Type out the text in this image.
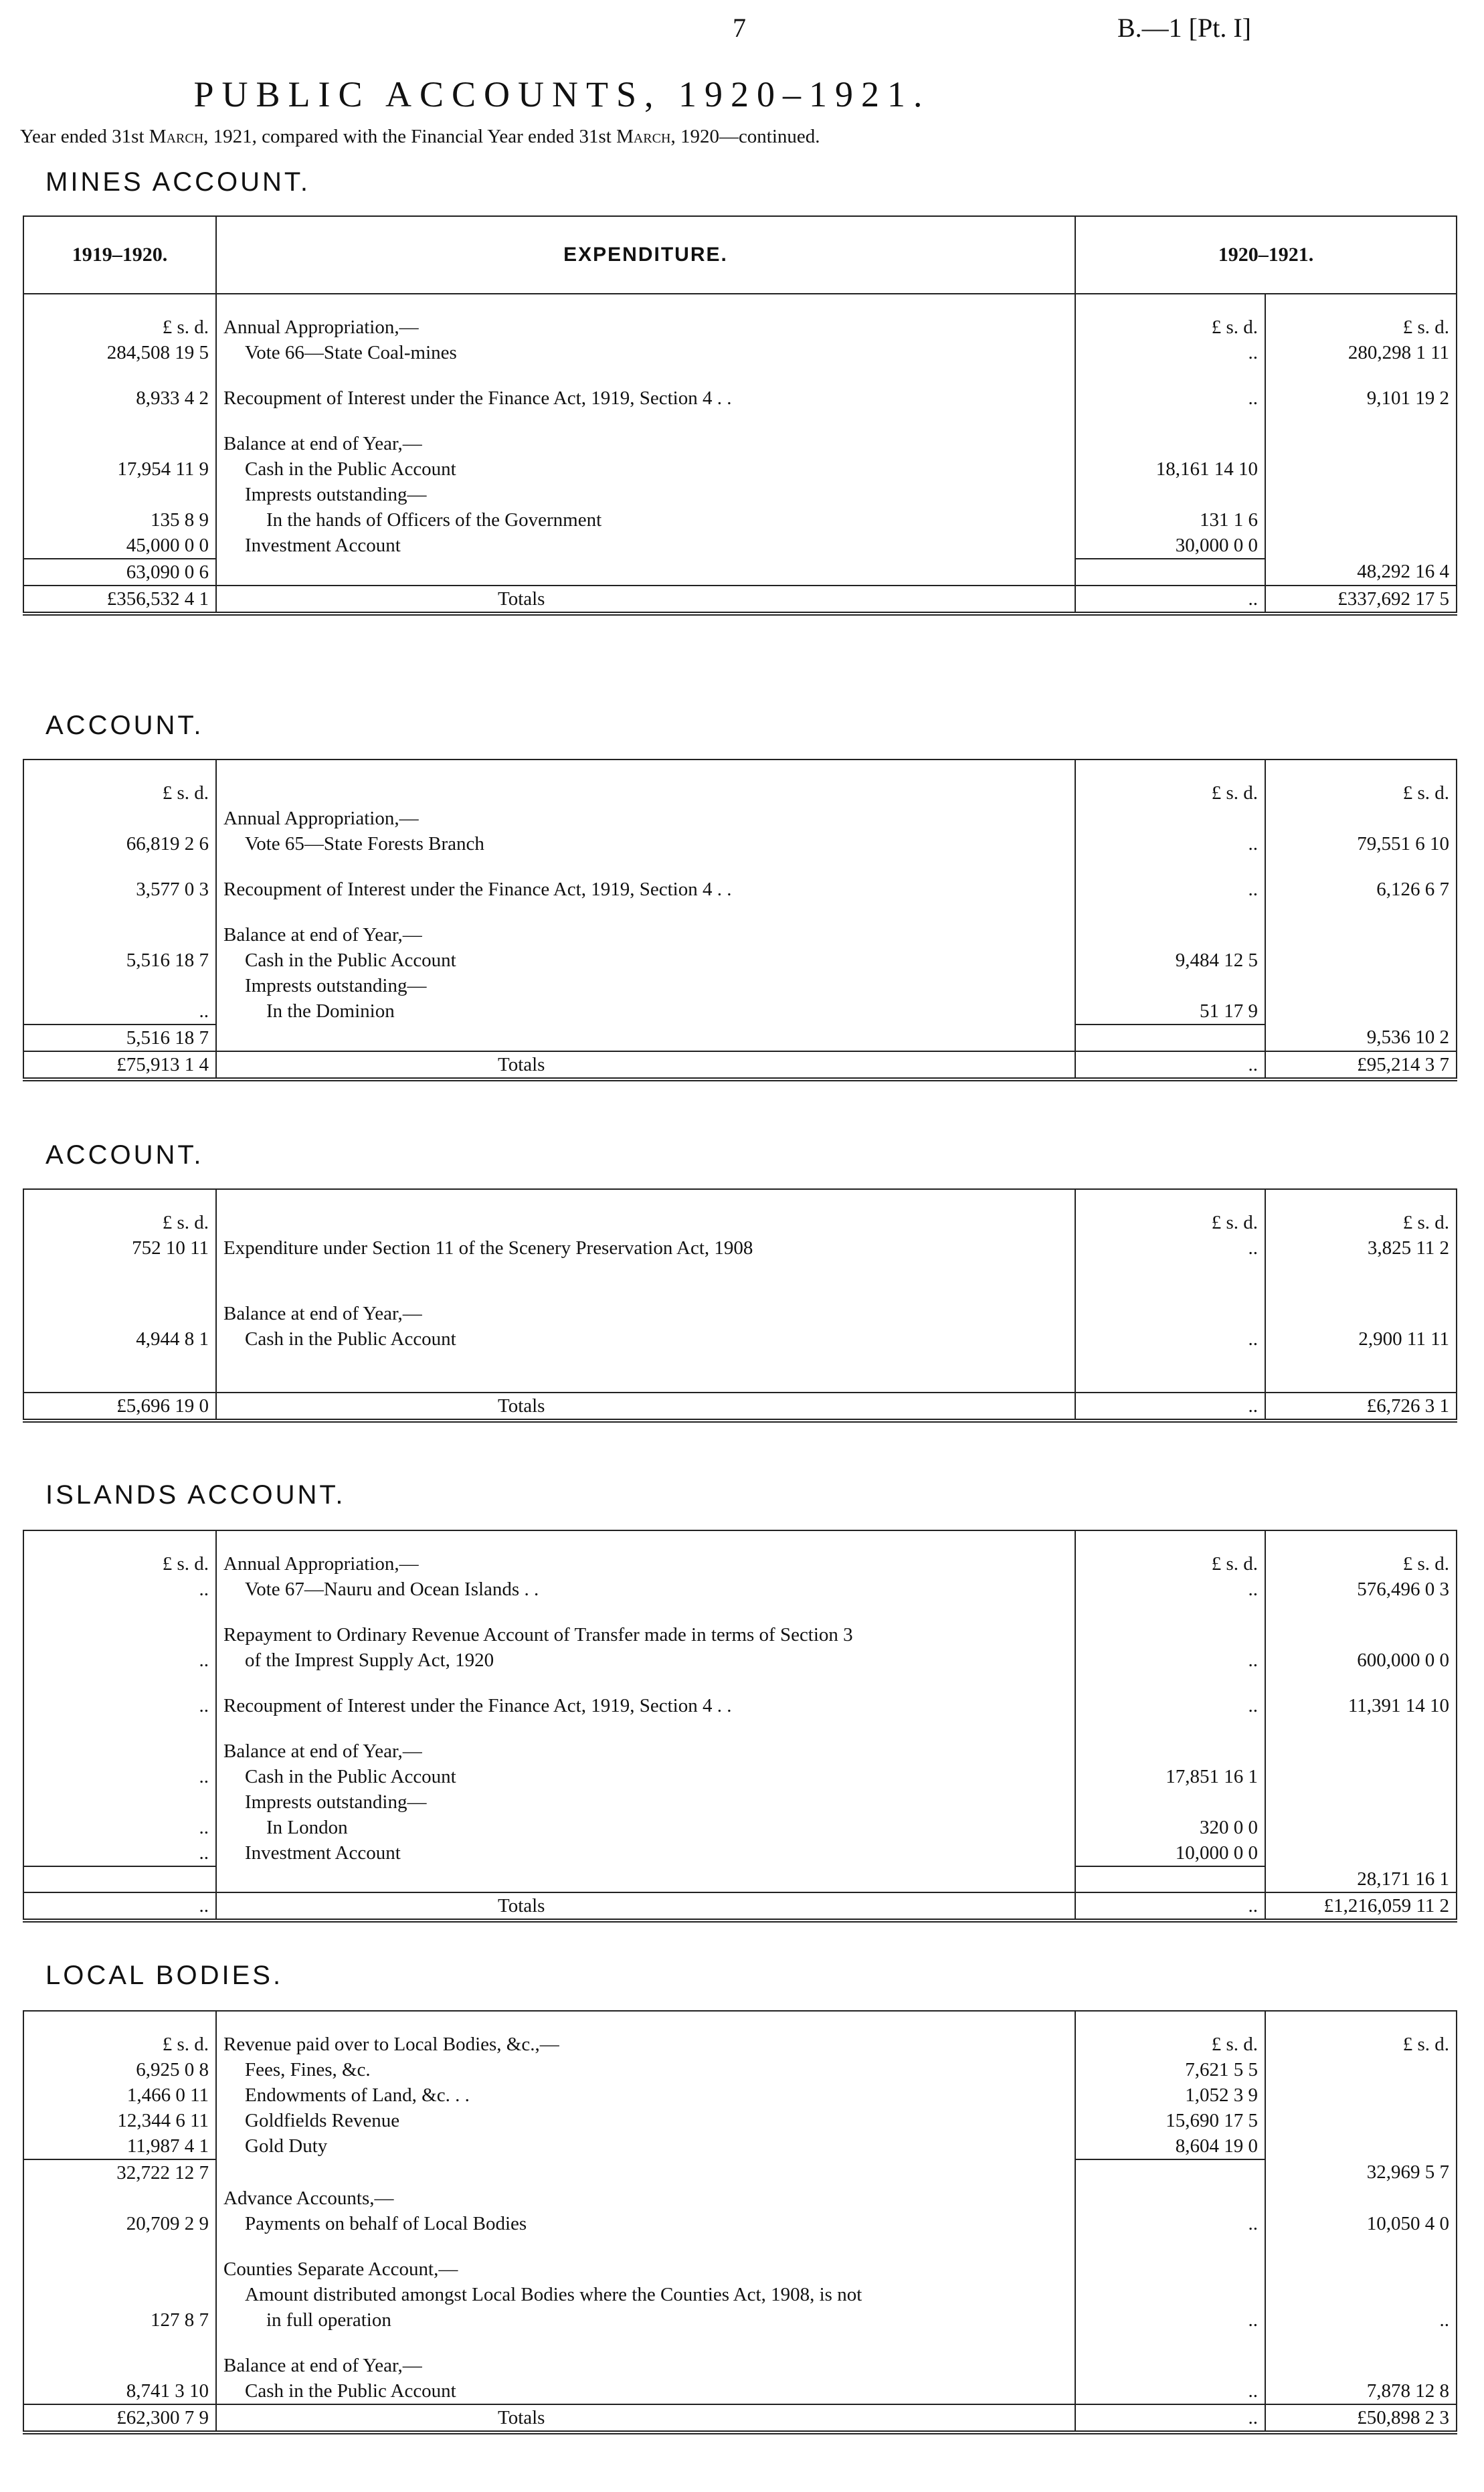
7	B.—1 [Pt. I]
PUBLIC ACCOUNTS, 1920–1921.
Year ended 31st March, 1921, compared with the Financial Year ended 31st March, 1920—continued.
MINES ACCOUNT.
1919–1920.	EXPENDITURE.	1920–1921.	

£ s. d.	Annual Appropriation,—	£ s. d.	£ s. d.
284,508 19 5	Vote 66—State Coal-mines	..	280,298 1 11

8,933 4 2	Recoupment of Interest under the Finance Act, 1919, Section 4 . .	..	9,101 19 2

	Balance at end of Year,—		
17,954 11 9	Cash in the Public Account	18,161 14 10	

	Imprests outstanding—		

135 8 9	In the hands of Officers of the Government	131 1 6	
45,000 0 0	Investment Account	30,000 0 0	
63,090 0 6			48,292 16 4
£356,532 4 1	Totals	..	£337,692 17 5
ACCOUNT.

£ s. d.		£ s. d.	£ s. d.
	Annual Appropriation,—		
66,819 2 6	Vote 65—State Forests Branch	..	79,551 6 10

3,577 0 3	Recoupment of Interest under the Finance Act, 1919, Section 4 . .	..	6,126 6 7

	Balance at end of Year,—		
5,516 18 7	Cash in the Public Account	9,484 12 5	

	Imprests outstanding—		

..	In the Dominion	51 17 9	
5,516 18 7			9,536 10 2
£75,913 1 4	Totals	..	£95,214 3 7
ACCOUNT.

£ s. d.		£ s. d.	£ s. d.
752 10 11	Expenditure under Section 11 of the Scenery Preservation Act, 1908	..	3,825 11 2

	Balance at end of Year,—		
4,944 8 1	Cash in the Public Account	..	2,900 11 11

£5,696 19 0	Totals	..	£6,726 3 1
ISLANDS ACCOUNT.

£ s. d.	Annual Appropriation,—	£ s. d.	£ s. d.
..	Vote 67—Nauru and Ocean Islands . .	..	576,496 0 3

	Repayment to Ordinary Revenue Account of Transfer made in terms of Section 3		
..	of the Imprest Supply Act, 1920	..	600,000 0 0

..	Recoupment of Interest under the Finance Act, 1919, Section 4 . .	..	11,391 14 10

	Balance at end of Year,—		
..	Cash in the Public Account	17,851 16 1	

	Imprests outstanding—		

..	In London	320 0 0	
..	Investment Account	10,000 0 0	
			28,171 16 1
..	Totals	..	£1,216,059 11 2
LOCAL BODIES.

£ s. d.	Revenue paid over to Local Bodies, &c.,—	£ s. d.	£ s. d.
6,925 0 8	Fees, Fines, &c.	7,621 5 5	
1,466 0 11	Endowments of Land, &c. . .	1,052 3 9	
12,344 6 11	Goldfields Revenue	15,690 17 5	
11,987 4 1	Gold Duty	8,604 19 0	
32,722 12 7			32,969 5 7
	Advance Accounts,—		
20,709 2 9	Payments on behalf of Local Bodies	..	10,050 4 0

	Counties Separate Account,—		

	Amount distributed amongst Local Bodies where the Counties Act, 1908, is not		

127 8 7	in full operation	..	..

	Balance at end of Year,—		
8,741 3 10	Cash in the Public Account	..	7,878 12 8
£62,300 7 9	Totals	..	£50,898 2 3
